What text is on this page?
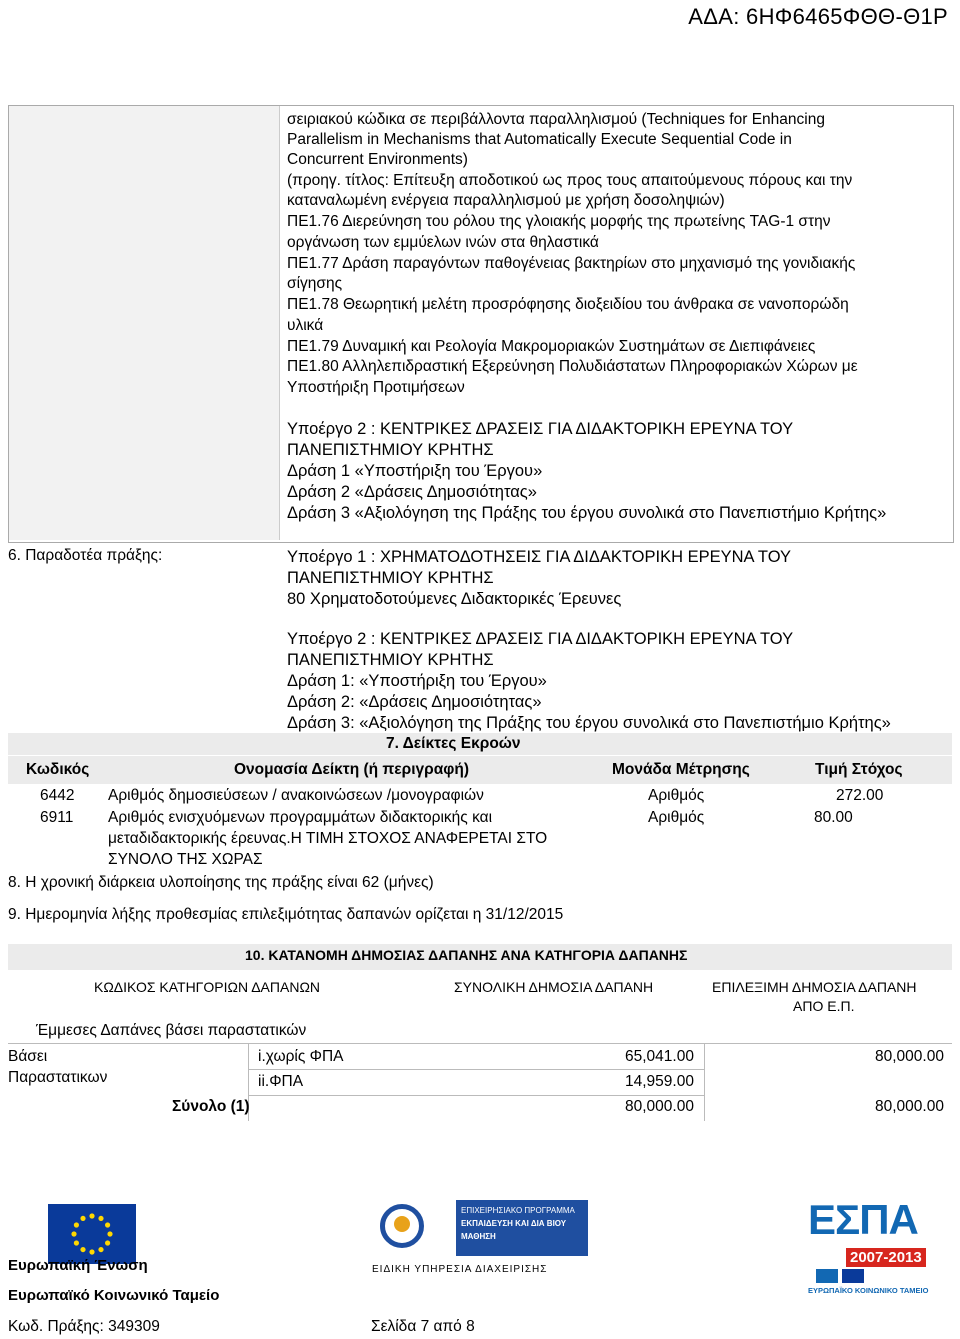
ΑΔΑ: 6ΗΦ6465ΦΘΘ-Θ1Ρ
σειριακού κώδικα σε περιβάλλοντα παραλληλισμού (Techniques for Enhancing
Parallelism in Mechanisms that Automatically Execute Sequential Code in
Concurrent Environments)
(προηγ. τίτλος: Επίτευξη αποδοτικού ως προς τους απαιτούμενους πόρους και την
καταναλωμένη ενέργεια παραλληλισμού με χρήση δοσοληψιών)
ΠΕ1.76 Διερεύνηση του ρόλου της γλοιακής μορφής της πρωτείνης TAG-1 στην
οργάνωση των εμμύελων ινών στα θηλαστικά
ΠΕ1.77 Δράση παραγόντων παθογένειας βακτηρίων στο μηχανισμό της γονιδιακής
σίγησης
ΠΕ1.78 Θεωρητική μελέτη προσρόφησης διοξειδίου του άνθρακα σε νανοπορώδη
υλικά
ΠΕ1.79 Δυναμική και Ρεολογία Μακρομοριακών Συστημάτων σε Διεπιφάνειες
ΠΕ1.80 Αλληλεπιδραστική Εξερεύνηση Πολυδιάστατων Πληροφοριακών Χώρων με
Υποστήριξη Προτιμήσεων
Υποέργο 2 : ΚΕΝΤΡΙΚΕΣ ΔΡΑΣΕΙΣ ΓΙΑ ΔΙΔΑΚΤΟΡΙΚΗ ΕΡΕΥΝΑ ΤΟΥ
ΠΑΝΕΠΙΣΤΗΜΙΟΥ ΚΡΗΤΗΣ
Δράση 1 «Υποστήριξη του Έργου»
Δράση 2 «Δράσεις Δημοσιότητας»
Δράση 3 «Αξιολόγηση της Πράξης του έργου συνολικά στο Πανεπιστήμιο Κρήτης»
6. Παραδοτέα πράξης:	Υποέργο 1 : ΧΡΗΜΑΤΟΔΟΤΗΣΕΙΣ ΓΙΑ ΔΙΔΑΚΤΟΡΙΚΗ ΕΡΕΥΝΑ ΤΟΥ
ΠΑΝΕΠΙΣΤΗΜΙΟΥ ΚΡΗΤΗΣ
80 Χρηματοδοτούμενες Διδακτορικές Έρευνες
Υποέργο 2 : ΚΕΝΤΡΙΚΕΣ ΔΡΑΣΕΙΣ ΓΙΑ ΔΙΔΑΚΤΟΡΙΚΗ ΕΡΕΥΝΑ ΤΟΥ
ΠΑΝΕΠΙΣΤΗΜΙΟΥ ΚΡΗΤΗΣ
Δράση 1: «Υποστήριξη του Έργου»
Δράση 2: «Δράσεις Δημοσιότητας»
Δράση 3: «Αξιολόγηση της Πράξης του έργου συνολικά στο Πανεπιστήμιο Κρήτης»
7. Δείκτες Εκροών
Κωδικός	Ονομασία Δείκτη (ή περιγραφή)	Μονάδα Μέτρησης	Τιμή Στόχος
6442 Αριθμός δημοσιεύσεων / ανακοινώσεων /μονογραφιών	Αριθμός	272.00
6911 Αριθμός ενισχυόμενων προγραμμάτων διδακτορικής και
μεταδιδακτορικής έρευνας.Η ΤΙΜΗ ΣΤΟΧΟΣ ΑΝΑΦΕΡΕΤΑΙ ΣΤΟ
ΣΥΝΟΛΟ ΤΗΣ ΧΩΡΑΣ
Αριθμός	80.00
8. Η χρονική διάρκεια υλοποίησης της πράξης είναι 62 (μήνες)
9. Ημερομηνία λήξης προθεσμίας επιλεξιμότητας δαπανών ορίζεται η 31/12/2015
10. ΚΑΤΑΝΟΜΗ ΔΗΜΟΣΙΑΣ ΔΑΠΑΝΗΣ ΑΝΑ ΚΑΤΗΓΟΡΙΑ ΔΑΠΑΝΗΣ
ΚΩΔΙΚΟΣ ΚΑΤΗΓΟΡΙΩΝ ΔΑΠΑΝΩΝ	ΣΥΝΟΛΙΚΗ ΔΗΜΟΣΙΑ ΔΑΠΑΝΗ	ΕΠΙΛΕΞΙΜΗ ΔΗΜΟΣΙΑ ΔΑΠΑΝΗ
ΑΠΟ Ε.Π.
Έμμεσες Δαπάνες βάσει παραστατικών
Βάσει
Παραστατικων
i.χωρίς ΦΠΑ	65,041.00	80,000.00
ii.ΦΠΑ	14,959.00
Σύνολο (1)	80,000.00	80,000.00
Ευρωπαϊκή Ένωση
Ευρωπαϊκό Κοινωνικό Ταμείο
ΕΠΙΧΕΙΡΗΣΙΑΚΟ ΠΡΟΓΡΑΜΜΑ
ΕΚΠΑΙΔΕΥΣΗ ΚΑΙ ΔΙΑ ΒΙΟΥ ΜΑΘΗΣΗ
ΕΙΔΙΚΗ ΥΠΗΡΕΣΙΑ ΔΙΑΧΕΙΡΙΣΗΣ
ΕΣΠΑ
2007-2013
ΕΥΡΩΠΑΪΚΟ ΚΟΙΝΩΝΙΚΟ ΤΑΜΕΙΟ
Κωδ. Πράξης: 349309	Σελίδα 7 από 8
